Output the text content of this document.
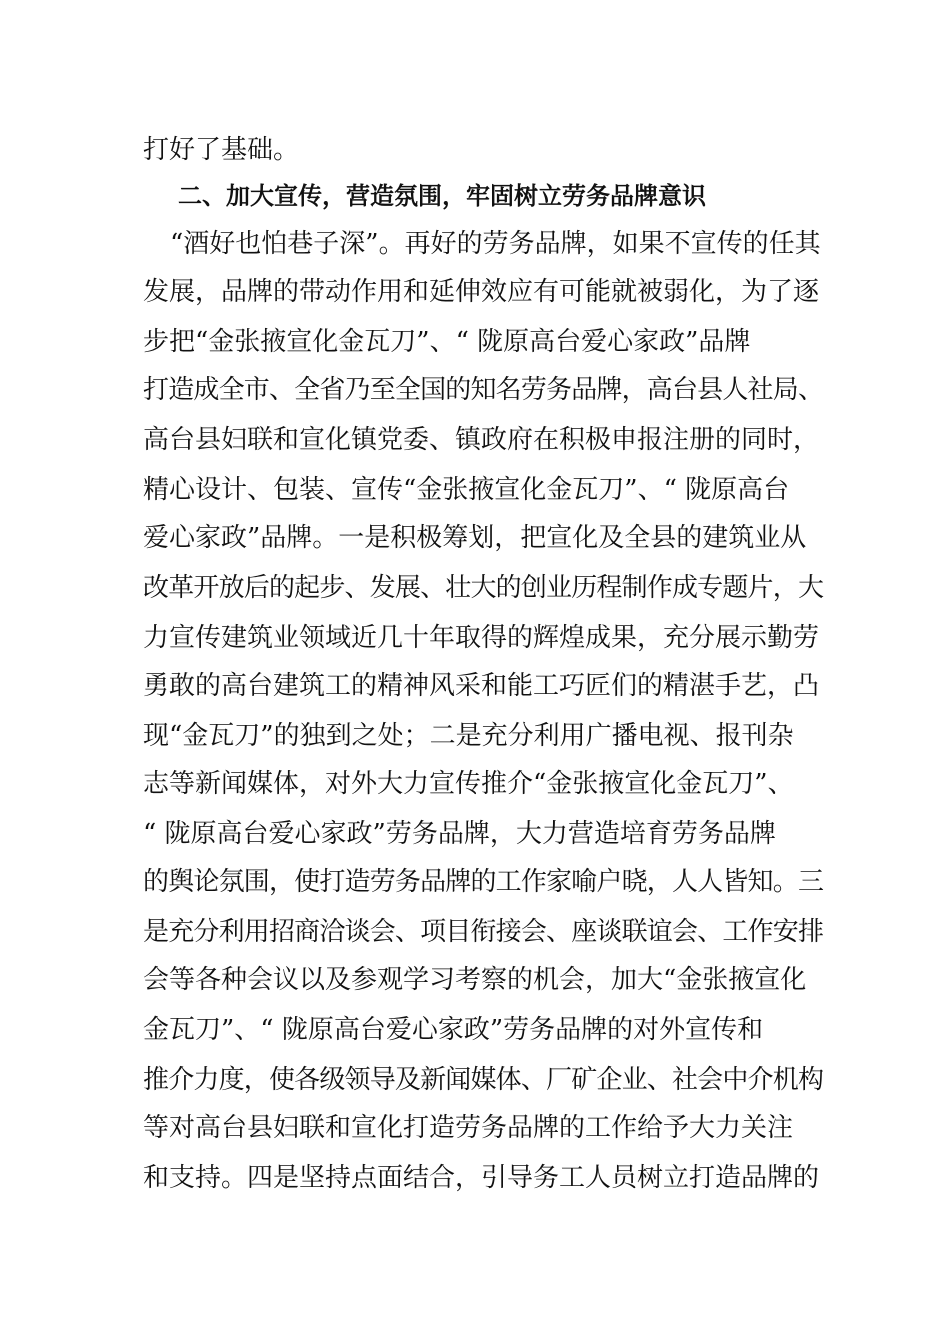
打好了基础。
二、加大宣传，营造氛围，牢固树立劳务品牌意识
“酒好也怕巷子深”。再好的劳务品牌，如果不宣传的任其
发展，品牌的带动作用和延伸效应有可能就被弱化，为了逐
步把“金张掖宣化金瓦刀”、“ 陇原高台爱心家政”品牌
打造成全市、全省乃至全国的知名劳务品牌，高台县人社局、
高台县妇联和宣化镇党委、镇政府在积极申报注册的同时，
精心设计、包装、宣传“金张掖宣化金瓦刀”、“ 陇原高台
爱心家政”品牌。一是积极筹划，把宣化及全县的建筑业从
改革开放后的起步、发展、壮大的创业历程制作成专题片，大
力宣传建筑业领域近几十年取得的辉煌成果，充分展示勤劳
勇敢的高台建筑工的精神风采和能工巧匠们的精湛手艺，凸
现“金瓦刀”的独到之处；二是充分利用广播电视、报刊杂
志等新闻媒体，对外大力宣传推介“金张掖宣化金瓦刀”、
“ 陇原高台爱心家政”劳务品牌，大力营造培育劳务品牌
的舆论氛围，使打造劳务品牌的工作家喻户晓，人人皆知。三
是充分利用招商洽谈会、项目衔接会、座谈联谊会、工作安排
会等各种会议以及参观学习考察的机会，加大“金张掖宣化
金瓦刀”、“ 陇原高台爱心家政”劳务品牌的对外宣传和
推介力度，使各级领导及新闻媒体、厂矿企业、社会中介机构
等对高台县妇联和宣化打造劳务品牌的工作给予大力关注
和支持。四是坚持点面结合，引导务工人员树立打造品牌的
